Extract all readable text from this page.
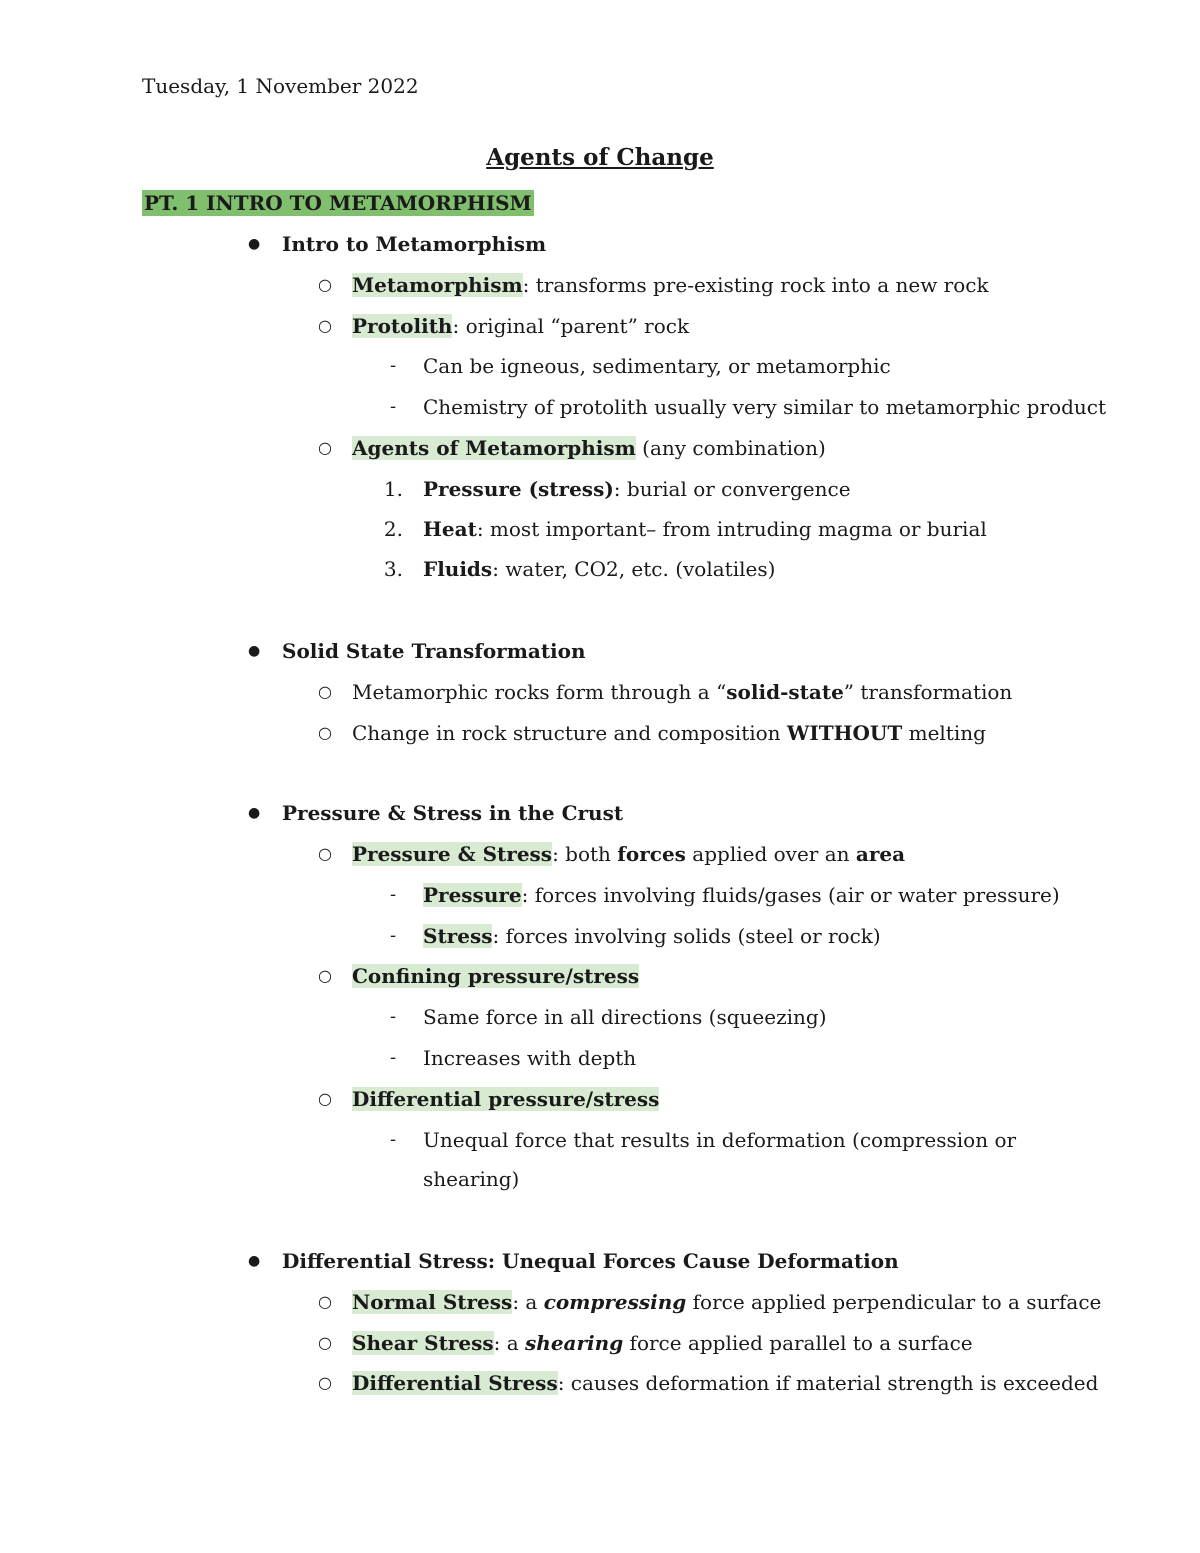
Tuesday, 1 November 2022
Agents of Change
PT. 1 INTRO TO METAMORPHISM
● Intro to Metamorphism
○ Metamorphism: transforms pre-existing rock into a new rock
○ Protolith: original “parent” rock
- Can be igneous, sedimentary, or metamorphic
- Chemistry of protolith usually very similar to metamorphic product
○ Agents of Metamorphism (any combination)
1. Pressure (stress): burial or convergence
2. Heat: most important– from intruding magma or burial
3. Fluids: water, CO2, etc. (volatiles)
● Solid State Transformation
○ Metamorphic rocks form through a “solid-state” transformation
○ Change in rock structure and composition WITHOUT melting
● Pressure & Stress in the Crust
○ Pressure & Stress: both forces applied over an area
- Pressure: forces involving fluids/gases (air or water pressure)
- Stress: forces involving solids (steel or rock)
○ Confining pressure/stress
- Same force in all directions (squeezing)
- Increases with depth
○ Differential pressure/stress
- Unequal force that results in deformation (compression or
shearing)
● Differential Stress: Unequal Forces Cause Deformation
○ Normal Stress: a compressing force applied perpendicular to a surface
○ Shear Stress: a shearing force applied parallel to a surface
○ Differential Stress: causes deformation if material strength is exceeded
